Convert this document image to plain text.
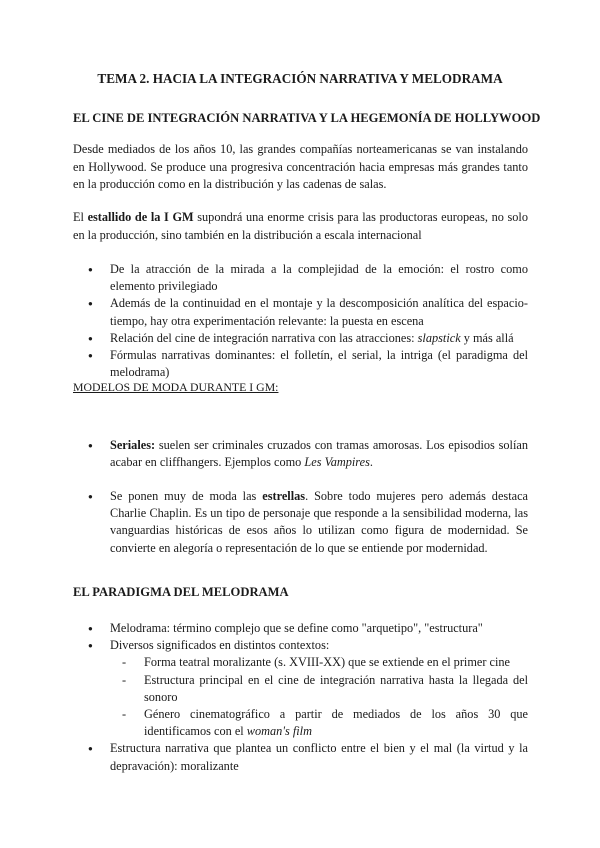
TEMA 2. HACIA LA INTEGRACIÓN NARRATIVA Y MELODRAMA
EL CINE DE INTEGRACIÓN NARRATIVA Y LA HEGEMONÍA DE HOLLYWOOD
Desde mediados de los años 10, las grandes compañías norteamericanas se van instalando en Hollywood. Se produce una progresiva concentración hacia empresas más grandes tanto en la producción como en la distribución y las cadenas de salas.
El estallido de la I GM supondrá una enorme crisis para las productoras europeas, no solo en la producción, sino también en la distribución a escala internacional
● De la atracción de la mirada a la complejidad de la emoción: el rostro como elemento privilegiado
● Además de la continuidad en el montaje y la descomposición analítica del espacio-tiempo, hay otra experimentación relevante: la puesta en escena
● Relación del cine de integración narrativa con las atracciones: slapstick y más allá
● Fórmulas narrativas dominantes: el folletín, el serial, la intriga (el paradigma del melodrama)
MODELOS DE MODA DURANTE I GM:
● Seriales: suelen ser criminales cruzados con tramas amorosas. Los episodios solían acabar en cliffhangers. Ejemplos como Les Vampires.
● Se ponen muy de moda las estrellas. Sobre todo mujeres pero además destaca Charlie Chaplin. Es un tipo de personaje que responde a la sensibilidad moderna, las vanguardias históricas de esos años lo utilizan como figura de modernidad. Se convierte en alegoría o representación de lo que se entiende por modernidad.
EL PARADIGMA DEL MELODRAMA
● Melodrama: término complejo que se define como "arquetipo", "estructura"
● Diversos significados en distintos contextos:
- Forma teatral moralizante (s. XVIII-XX) que se extiende en el primer cine
- Estructura principal en el cine de integración narrativa hasta la llegada del sonoro
- Género cinematográfico a partir de mediados de los años 30 que identificamos con el woman's film
● Estructura narrativa que plantea un conflicto entre el bien y el mal (la virtud y la depravación): moralizante
